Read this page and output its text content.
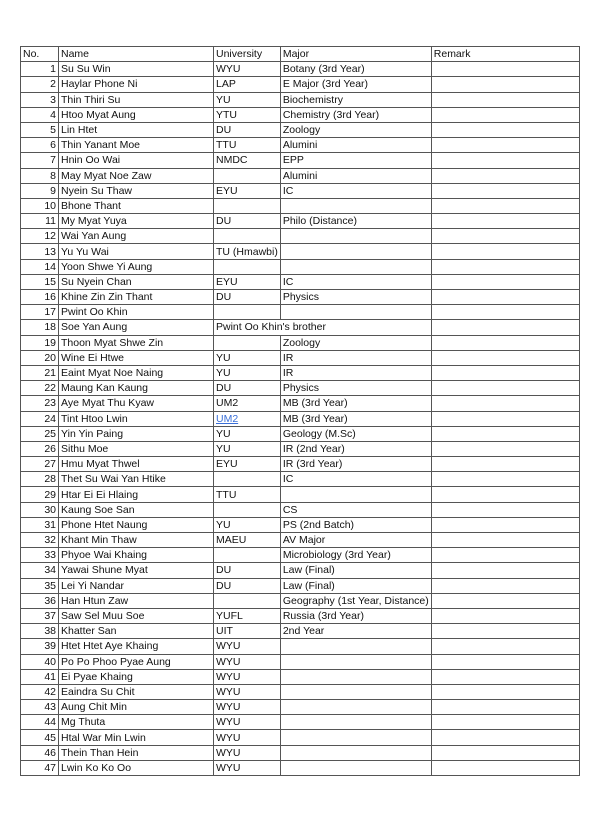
No.	Name	University	Major	Remark
1	Su Su Win	WYU	Botany (3rd Year)	
2	Haylar Phone Ni	LAP	E Major (3rd Year)	
3	Thin Thiri Su	YU	Biochemistry	
4	Htoo Myat Aung	YTU	Chemistry (3rd Year)	
5	Lin Htet	DU	Zoology	
6	Thin Yanant Moe	TTU	Alumini	
7	Hnin Oo Wai	NMDC	EPP	
8	May Myat Noe Zaw		Alumini	
9	Nyein Su Thaw	EYU	IC	
10	Bhone Thant			
11	My Myat Yuya	DU	Philo (Distance)	
12	Wai Yan Aung			
13	Yu Yu Wai	TU (Hmawbi)		
14	Yoon Shwe Yi Aung			
15	Su Nyein Chan	EYU	IC	
16	Khine Zin Zin Thant	DU	Physics	
17	Pwint Oo Khin			
18	Soe Yan Aung	Pwint Oo Khin's brother		
19	Thoon Myat Shwe Zin		Zoology	
20	Wine Ei Htwe	YU	IR	
21	Eaint Myat Noe Naing	YU	IR	
22	Maung Kan Kaung	DU	Physics	
23	Aye Myat Thu Kyaw	UM2	MB (3rd Year)	
24	Tint Htoo Lwin	UM2	MB (3rd Year)	
25	Yin Yin Paing	YU	Geology (M.Sc)	
26	Sithu Moe	YU	IR (2nd Year)	
27	Hmu Myat Thwel	EYU	IR (3rd Year)	
28	Thet Su Wai Yan Htike		IC	
29	Htar Ei Ei Hlaing	TTU		
30	Kaung Soe San		CS	
31	Phone Htet Naung	YU	PS (2nd Batch)	
32	Khant Min Thaw	MAEU	AV Major	
33	Phyoe Wai Khaing		Microbiology (3rd Year)	
34	Yawai Shune Myat	DU	Law (Final)	
35	Lei Yi Nandar	DU	Law (Final)	
36	Han Htun Zaw		Geography (1st Year, Distance)	
37	Saw Sel Muu Soe	YUFL	Russia (3rd Year)	
38	Khatter San	UIT	2nd Year	
39	Htet Htet Aye Khaing	WYU		
40	Po Po Phoo Pyae Aung	WYU		
41	Ei Pyae Khaing	WYU		
42	Eaindra Su Chit	WYU		
43	Aung Chit Min	WYU		
44	Mg Thuta	WYU		
45	Htal War Min Lwin	WYU		
46	Thein Than Hein	WYU		
47	Lwin Ko Ko Oo	WYU		
